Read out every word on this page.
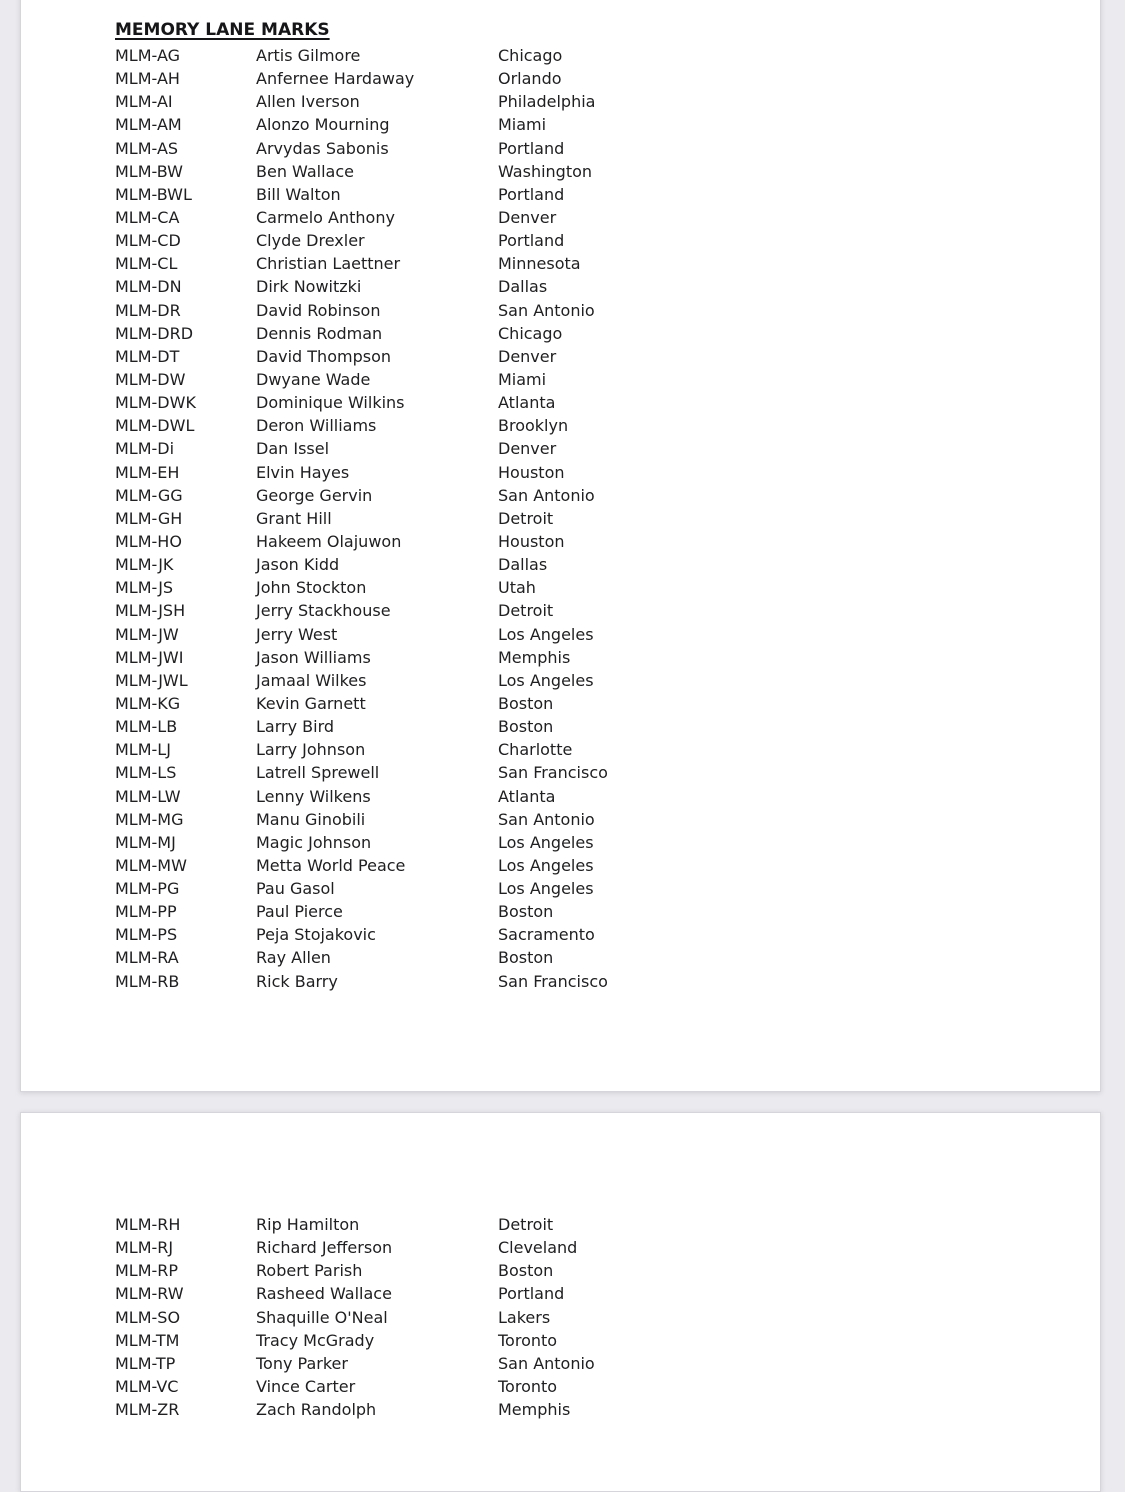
MEMORY LANE MARKS
MLM-AG	Artis Gilmore	Chicago
MLM-AH	Anfernee Hardaway	Orlando
MLM-AI	Allen Iverson	Philadelphia
MLM-AM	Alonzo Mourning	Miami
MLM-AS	Arvydas Sabonis	Portland
MLM-BW	Ben Wallace	Washington
MLM-BWL	Bill Walton	Portland
MLM-CA	Carmelo Anthony	Denver
MLM-CD	Clyde Drexler	Portland
MLM-CL	Christian Laettner	Minnesota
MLM-DN	Dirk Nowitzki	Dallas
MLM-DR	David Robinson	San Antonio
MLM-DRD	Dennis Rodman	Chicago
MLM-DT	David Thompson	Denver
MLM-DW	Dwyane Wade	Miami
MLM-DWK	Dominique Wilkins	Atlanta
MLM-DWL	Deron Williams	Brooklyn
MLM-Di	Dan Issel	Denver
MLM-EH	Elvin Hayes	Houston
MLM-GG	George Gervin	San Antonio
MLM-GH	Grant Hill	Detroit
MLM-HO	Hakeem Olajuwon	Houston
MLM-JK	Jason Kidd	Dallas
MLM-JS	John Stockton	Utah
MLM-JSH	Jerry Stackhouse	Detroit
MLM-JW	Jerry West	Los Angeles
MLM-JWI	Jason Williams	Memphis
MLM-JWL	Jamaal Wilkes	Los Angeles
MLM-KG	Kevin Garnett	Boston
MLM-LB	Larry Bird	Boston
MLM-LJ	Larry Johnson	Charlotte
MLM-LS	Latrell Sprewell	San Francisco
MLM-LW	Lenny Wilkens	Atlanta
MLM-MG	Manu Ginobili	San Antonio
MLM-MJ	Magic Johnson	Los Angeles
MLM-MW	Metta World Peace	Los Angeles
MLM-PG	Pau Gasol	Los Angeles
MLM-PP	Paul Pierce	Boston
MLM-PS	Peja Stojakovic	Sacramento
MLM-RA	Ray Allen	Boston
MLM-RB	Rick Barry	San Francisco
MLM-RH	Rip Hamilton	Detroit
MLM-RJ	Richard Jefferson	Cleveland
MLM-RP	Robert Parish	Boston
MLM-RW	Rasheed Wallace	Portland
MLM-SO	Shaquille O'Neal	Lakers
MLM-TM	Tracy McGrady	Toronto
MLM-TP	Tony Parker	San Antonio
MLM-VC	Vince Carter	Toronto
MLM-ZR	Zach Randolph	Memphis
